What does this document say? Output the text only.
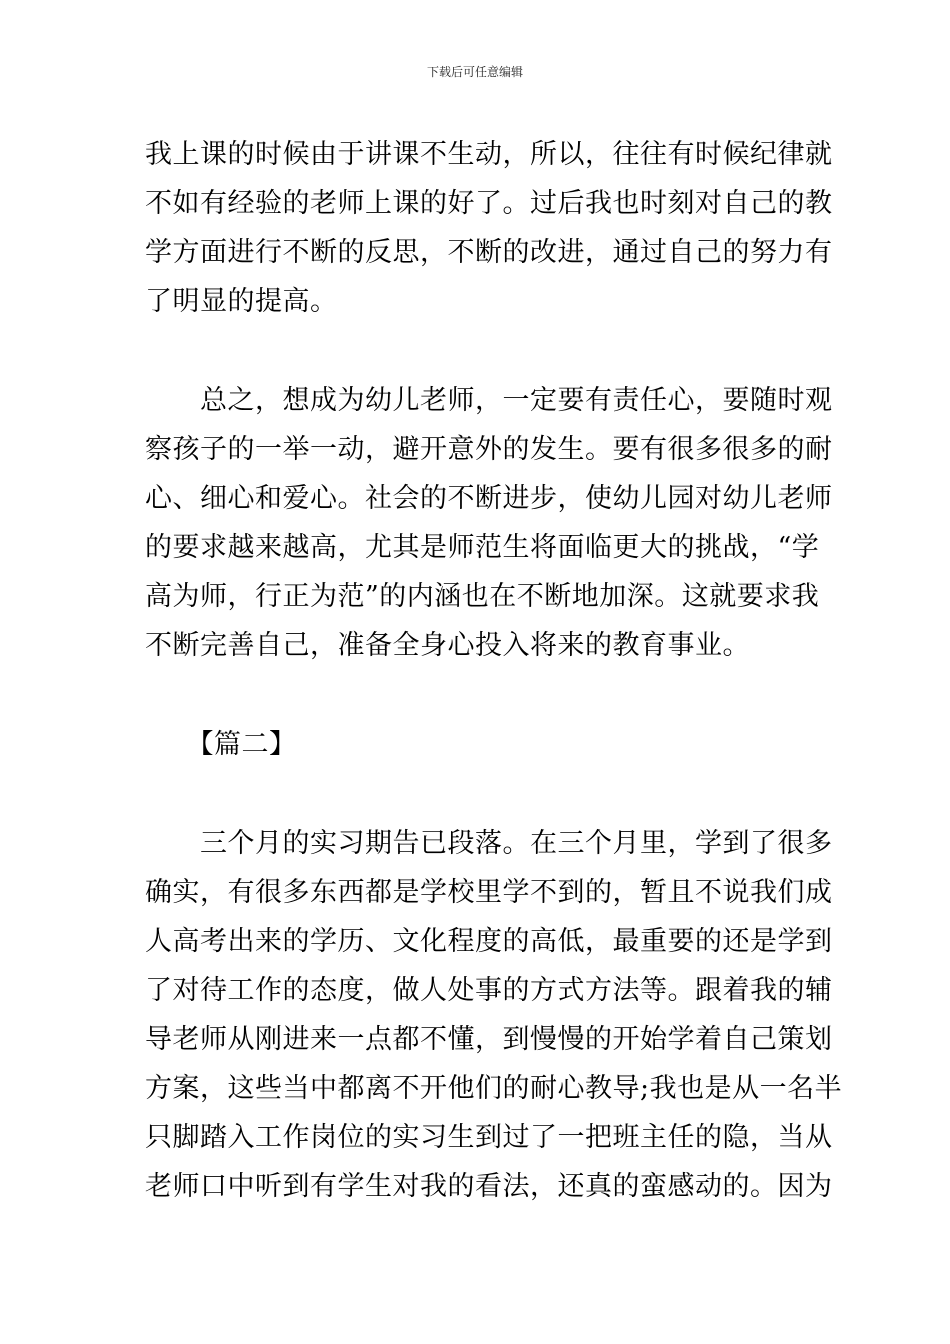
下载后可任意编辑
我上课的时候由于讲课不生动，所以，往往有时候纪律就
不如有经验的老师上课的好了。过后我也时刻对自己的教
学方面进行不断的反思，不断的改进，通过自己的努力有
了明显的提高。
　　总之，想成为幼儿老师，一定要有责任心，要随时观
察孩子的一举一动，避开意外的发生。要有很多很多的耐
心、细心和爱心。社会的不断进步，使幼儿园对幼儿老师
的要求越来越高，尤其是师范生将面临更大的挑战，“学
高为师，行正为范”的内涵也在不断地加深。这就要求我
不断完善自己，准备全身心投入将来的教育事业。
　　【篇二】
　　三个月的实习期告已段落。在三个月里，学到了很多
确实，有很多东西都是学校里学不到的，暂且不说我们成
人高考出来的学历、文化程度的高低，最重要的还是学到
了对待工作的态度，做人处事的方式方法等。跟着我的辅
导老师从刚进来一点都不懂，到慢慢的开始学着自己策划
方案，这些当中都离不开他们的耐心教导;我也是从一名半
只脚踏入工作岗位的实习生到过了一把班主任的隐，当从
老师口中听到有学生对我的看法，还真的蛮感动的。因为
